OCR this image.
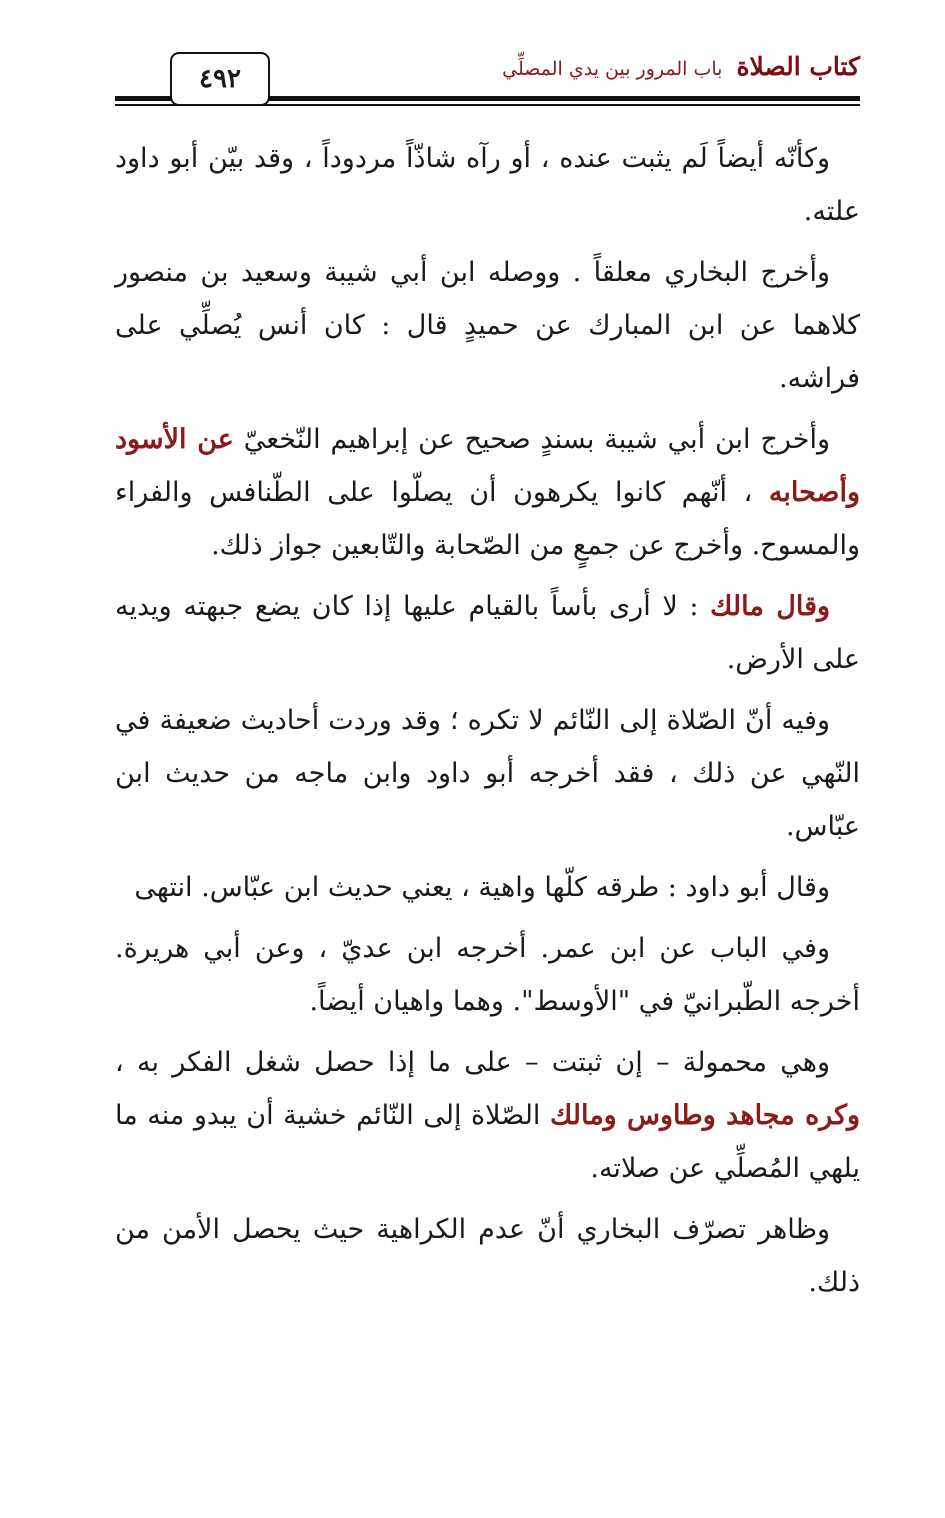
٤٩٢	كتاب الصلاة
باب المرور بين يدي المصلِّي

وكأنّه أيضاً لَم يثبت عنده ، أو رآه شاذّاً مردوداً ، وقد بيّن أبو داود علته.

وأخرج البخاري معلقاً . ووصله ابن أبي شيبة وسعيد بن منصور كلاهما عن ابن المبارك عن حميدٍ قال : كان أنس يُصلِّي على فراشه.

وأخرج ابن أبي شيبة بسندٍ صحيح عن إبراهيم النّخعيّ عن الأسود وأصحابه ، أنّهم كانوا يكرهون أن يصلّوا على الطّنافس والفراء والمسوح. وأخرج عن جمعٍ من الصّحابة والتّابعين جواز ذلك.

وقال مالك : لا أرى بأساً بالقيام عليها إذا كان يضع جبهته ويديه على الأرض.

وفيه أنّ الصّلاة إلى النّائم لا تكره ؛ وقد وردت أحاديث ضعيفة في النّهي عن ذلك ، فقد أخرجه أبو داود وابن ماجه من حديث ابن عبّاس.

وقال أبو داود : طرقه كلّها واهية ، يعني حديث ابن عبّاس. انتهى

وفي الباب عن ابن عمر. أخرجه ابن عديّ ، وعن أبي هريرة. أخرجه الطّبرانيّ في "الأوسط". وهما واهيان أيضاً.

وهي محمولة – إن ثبتت – على ما إذا حصل شغل الفكر به ، وكره مجاهد وطاوس ومالك الصّلاة إلى النّائم خشية أن يبدو منه ما يلهي المُصلِّي عن صلاته.

وظاهر تصرّف البخاري أنّ عدم الكراهية حيث يحصل الأمن من ذلك.
